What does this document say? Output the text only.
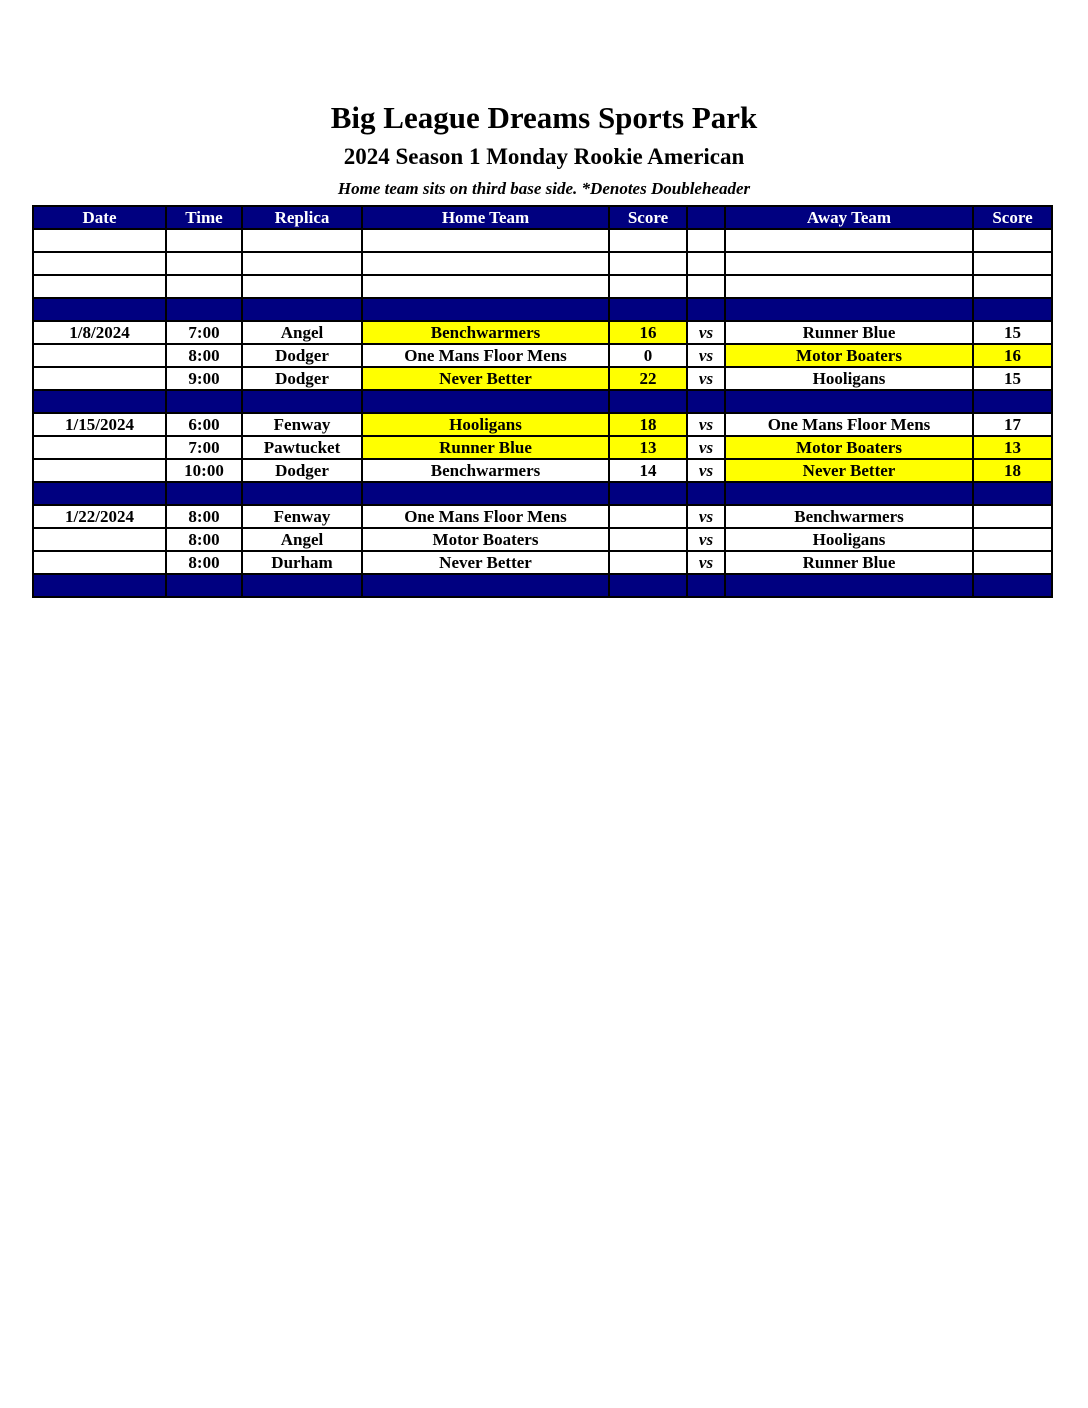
Big League Dreams Sports Park
2024 Season 1 Monday Rookie American
Home team sits on third base side. *Denotes Doubleheader
Date	Time	Replica	Home Team	Score		Away Team	Score

1/8/2024	7:00	Angel	Benchwarmers	16	vs	Runner Blue	15
	8:00	Dodger	One Mans Floor Mens	0	vs	Motor Boaters	16
	9:00	Dodger	Never Better	22	vs	Hooligans	15

1/15/2024	6:00	Fenway	Hooligans	18	vs	One Mans Floor Mens	17
	7:00	Pawtucket	Runner Blue	13	vs	Motor Boaters	13
	10:00	Dodger	Benchwarmers	14	vs	Never Better	18

1/22/2024	8:00	Fenway	One Mans Floor Mens		vs	Benchwarmers	
	8:00	Angel	Motor Boaters		vs	Hooligans	
	8:00	Durham	Never Better		vs	Runner Blue	
